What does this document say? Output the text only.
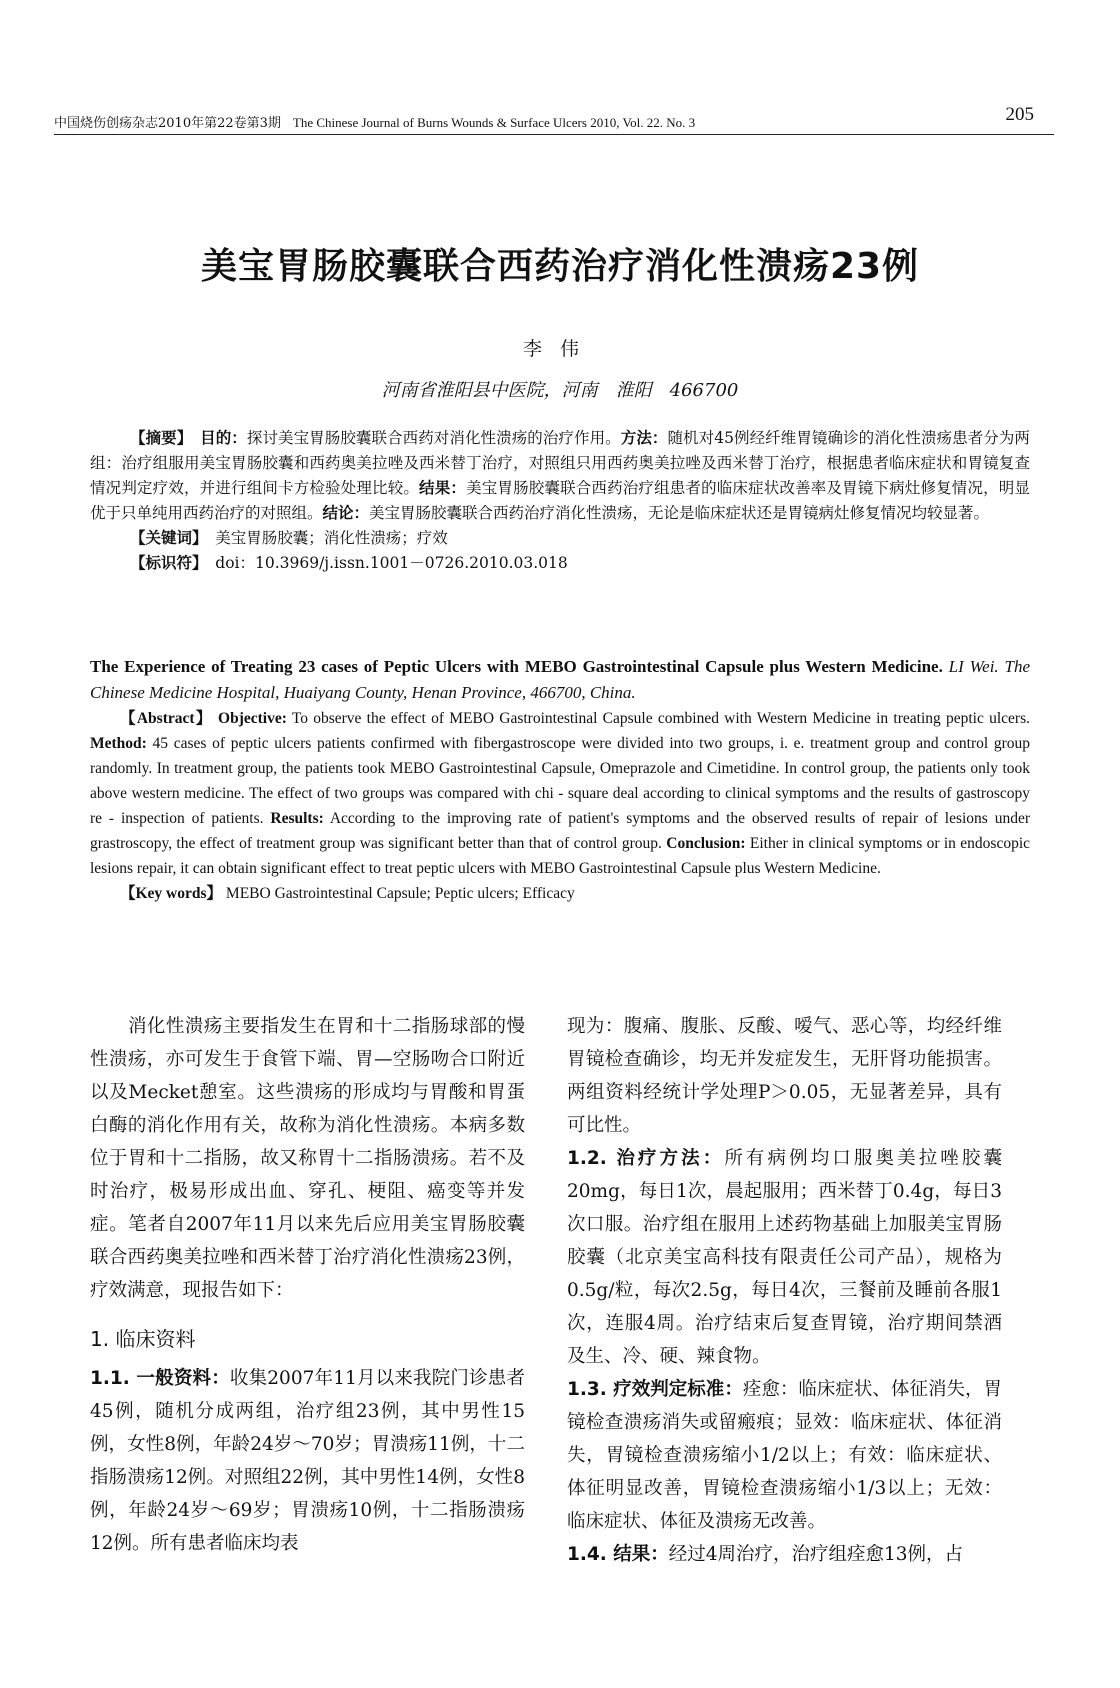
中国烧伤创疡杂志2010年第22卷第3期 The Chinese Journal of Burns Wounds & Surface Ulcers 2010, Vol. 22. No. 3	205
美宝胃肠胶囊联合西药治疗消化性溃疡23例
李伟
河南省淮阳县中医院，河南　淮阳　466700

【摘要】　 目的：探讨美宝胃肠胶囊联合西药对消化性溃疡的治疗作用。方法：随机对45例经纤维胃镜确诊的消化性溃疡患者分为两组：治疗组服用美宝胃肠胶囊和西药奥美拉唑及西米替丁治疗，对照组只用西药奥美拉唑及西米替丁治疗，根据患者临床症状和胃镜复查情况判定疗效，并进行组间卡方检验处理比较。结果：美宝胃肠胶囊联合西药治疗组患者的临床症状改善率及胃镜下病灶修复情况，明显优于只单纯用西药治疗的对照组。结论：美宝胃肠胶囊联合西药治疗消化性溃疡，无论是临床症状还是胃镜病灶修复情况均较显著。

【关键词】　 美宝胃肠胶囊；消化性溃疡；疗效

【标识符】　 doi：10.3969/j.issn.1001－0726.2010.03.018

The Experience of Treating 23 cases of Peptic Ulcers with MEBO Gastrointestinal Capsule plus Western Medicine. LI Wei. The Chinese Medicine Hospital, Huaiyang County, Henan Province, 466700, China.

【Abstract】 Objective: To observe the effect of MEBO Gastrointestinal Capsule combined with Western Medicine in treating peptic ulcers. Method: 45 cases of peptic ulcers patients confirmed with fibergastroscope were divided into two groups, i. e. treatment group and control group randomly. In treatment group, the patients took MEBO Gastrointestinal Capsule, Omeprazole and Cimetidine. In control group, the patients only took above western medicine. The effect of two groups was compared with chi - square deal according to clinical symptoms and the results of gastroscopy re - inspection of patients. Results: According to the improving rate of patient's symptoms and the observed results of repair of lesions under grastroscopy, the effect of treatment group was significant better than that of control group. Conclusion: Either in clinical symptoms or in endoscopic lesions repair, it can obtain significant effect to treat peptic ulcers with MEBO Gastrointestinal Capsule plus Western Medicine.

【Key words】 MEBO Gastrointestinal Capsule; Peptic ulcers; Efficacy

消化性溃疡主要指发生在胃和十二指肠球部的慢性溃疡，亦可发生于食管下端、胃—空肠吻合口附近以及Mecket憩室。这些溃疡的形成均与胃酸和胃蛋白酶的消化作用有关，故称为消化性溃疡。本病多数位于胃和十二指肠，故又称胃十二指肠溃疡。若不及时治疗，极易形成出血、穿孔、梗阻、癌变等并发症。笔者自2007年11月以来先后应用美宝胃肠胶囊联合西药奥美拉唑和西米替丁治疗消化性溃疡23例，疗效满意，现报告如下：

1. 临床资料

1.1. 一般资料：收集2007年11月以来我院门诊患者45例，随机分成两组，治疗组23例，其中男性15例，女性8例，年龄24岁～70岁；胃溃疡11例，十二指肠溃疡12例。对照组22例，其中男性14例，女性8例，年龄24岁～69岁；胃溃疡10例，十二指肠溃疡12例。所有患者临床均表

现为：腹痛、腹胀、反酸、嗳气、恶心等，均经纤维胃镜检查确诊，均无并发症发生，无肝肾功能损害。两组资料经统计学处理P＞0.05，无显著差异，具有可比性。

1.2. 治疗方法：所有病例均口服奥美拉唑胶囊20mg，每日1次，晨起服用；西米替丁0.4g，每日3次口服。治疗组在服用上述药物基础上加服美宝胃肠胶囊（北京美宝高科技有限责任公司产品），规格为0.5g/粒，每次2.5g，每日4次，三餐前及睡前各服1次，连服4周。治疗结束后复查胃镜，治疗期间禁酒及生、冷、硬、辣食物。

1.3. 疗效判定标准：痊愈：临床症状、体征消失，胃镜检查溃疡消失或留瘢痕；显效：临床症状、体征消失，胃镜检查溃疡缩小1/2以上；有效：临床症状、体征明显改善，胃镜检查溃疡缩小1/3以上；无效：临床症状、体征及溃疡无改善。

1.4. 结果：经过4周治疗，治疗组痊愈13例，占
